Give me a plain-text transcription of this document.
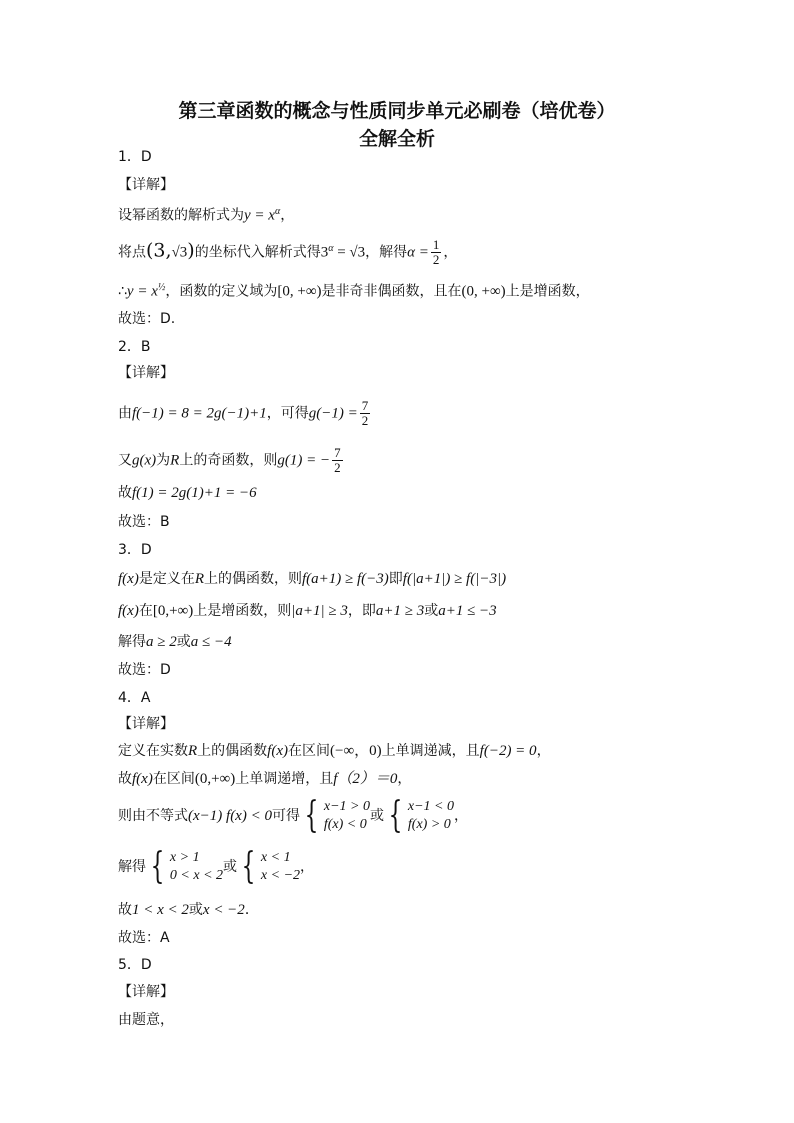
第三章函数的概念与性质同步单元必刷卷（培优卷）
全解全析
1．D
【详解】
设幂函数的解析式为$y = x^\alpha$，
将点(3,√3)的坐标代入解析式得$3^\alpha = √3$，解得$\alpha = \frac{1}{2}$ ，
∴y = $x^{\frac{1}{2}}$，函数的定义域为[0, +∞)是非奇非偶函数，且在(0, +∞)上是增函数，
故选：D.
2．B
【详解】
由f(−1) = 8 = 2g(−1)+1，可得$g(-1) = \frac{7}{2}$
又g(x)为R上的奇函数，则g(1) = − $\frac{7}{2}$
故f(1) = 2g(1)+1 = −6
故选：B
3．D
f(x)是定义在R上的偶函数，则f(a+1) ≥ f(−3)即f(|a+1|) ≥ f(|−3|)
f(x)在[0,+∞)上是增函数，则|a+1| ≥ 3，即a+1 ≥ 3或a+1 ≤ −3
解得a ≥ 2或a ≤ −4
故选：D
4．A
【详解】
定义在实数R上的偶函数f(x)在区间(−∞，0)上单调递减，且f(−2) = 0，
故f(x)在区间(0,+∞)上单调递增，且f（2）＝0，
则由不等式(x−1) f(x) < 0可得 { x−1 > 0
f(x) < 0
或 { x−1 < 0
f(x) > 0
，
解得 { x > 1
0 < x < 2
或 { x < 1
x < −2
，
故1 < x < 2或x < −2．
故选：A
5．D
【详解】
由题意，
